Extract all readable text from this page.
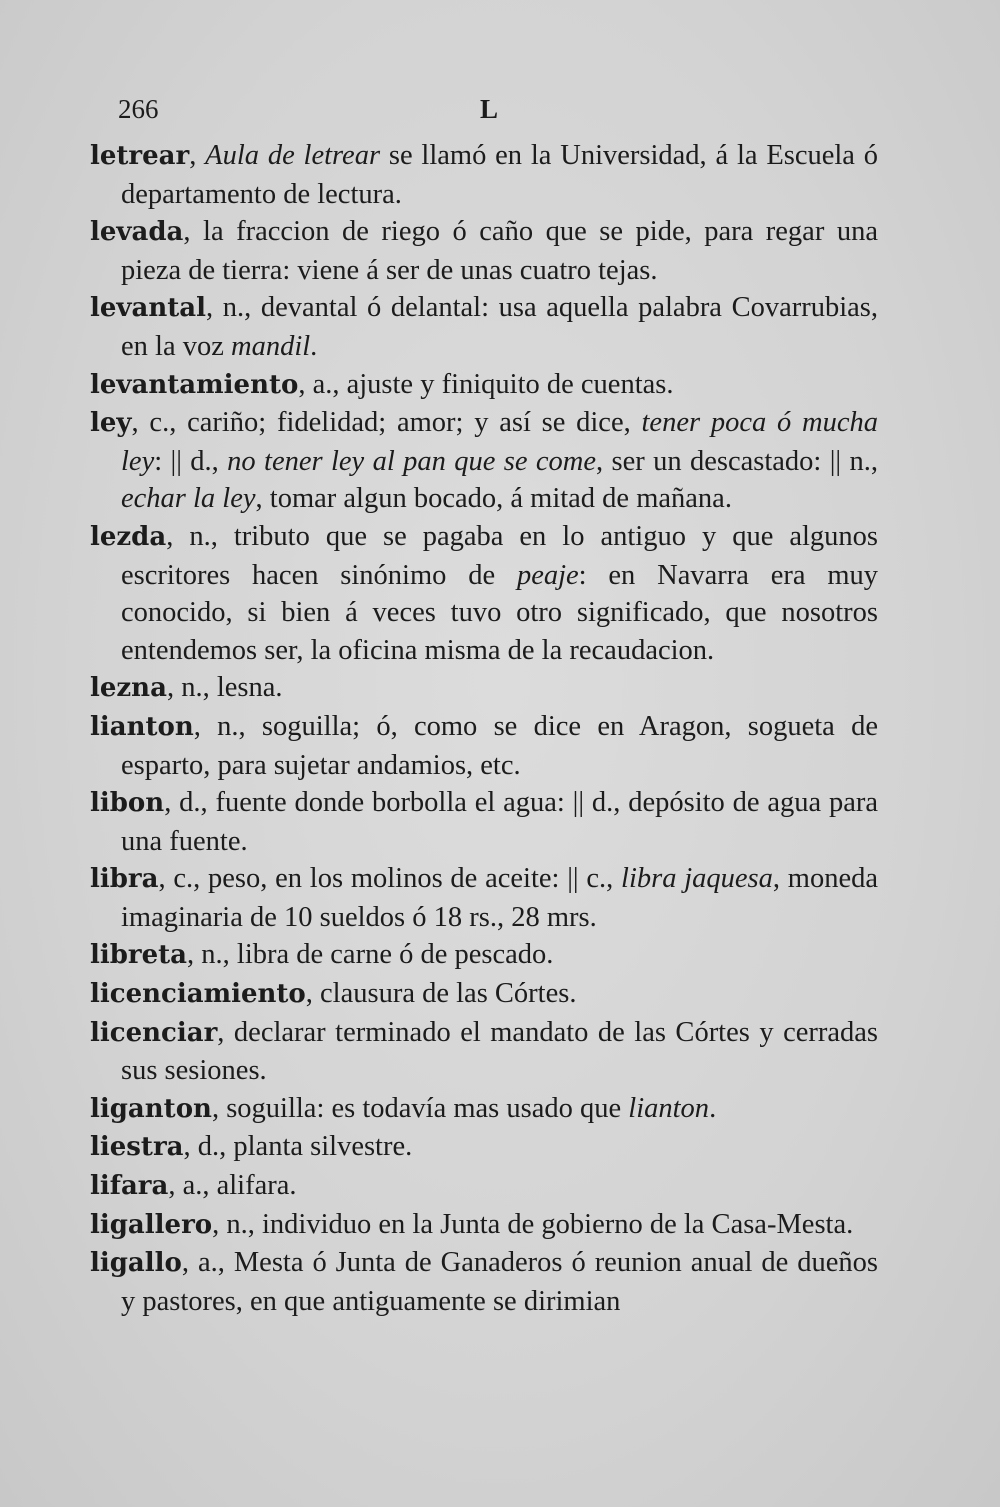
266	L

letrear, Aula de letrear se llamó en la Universidad, á la Escuela ó departamento de lectura.

levada, la fraccion de riego ó caño que se pide, para regar una pieza de tierra: viene á ser de unas cuatro tejas.

levantal, n., devantal ó delantal: usa aquella palabra Covarrubias, en la voz mandil.

levantamiento, a., ajuste y finiquito de cuentas.

ley, c., cariño; fidelidad; amor; y así se dice, tener poca ó mucha ley: || d., no tener ley al pan que se come, ser un descastado: || n., echar la ley, tomar algun bocado, á mitad de mañana.

lezda, n., tributo que se pagaba en lo antiguo y que algunos escritores hacen sinónimo de peaje: en Navarra era muy conocido, si bien á veces tuvo otro significado, que nosotros entendemos ser, la oficina misma de la recaudacion.

lezna, n., lesna.

lianton, n., soguilla; ó, como se dice en Aragon, sogueta de esparto, para sujetar andamios, etc.

libon, d., fuente donde borbolla el agua: || d., depósito de agua para una fuente.

libra, c., peso, en los molinos de aceite: || c., libra jaquesa, moneda imaginaria de 10 sueldos ó 18 rs., 28 mrs.

libreta, n., libra de carne ó de pescado.

licenciamiento, clausura de las Córtes.

licenciar, declarar terminado el mandato de las Córtes y cerradas sus sesiones.

liganton, soguilla: es todavía mas usado que lianton.

liestra, d., planta silvestre.

lifara, a., alifara.

ligallero, n., individuo en la Junta de gobierno de la Casa-Mesta.

ligallo, a., Mesta ó Junta de Ganaderos ó reunion anual de dueños y pastores, en que antiguamente se dirimian
